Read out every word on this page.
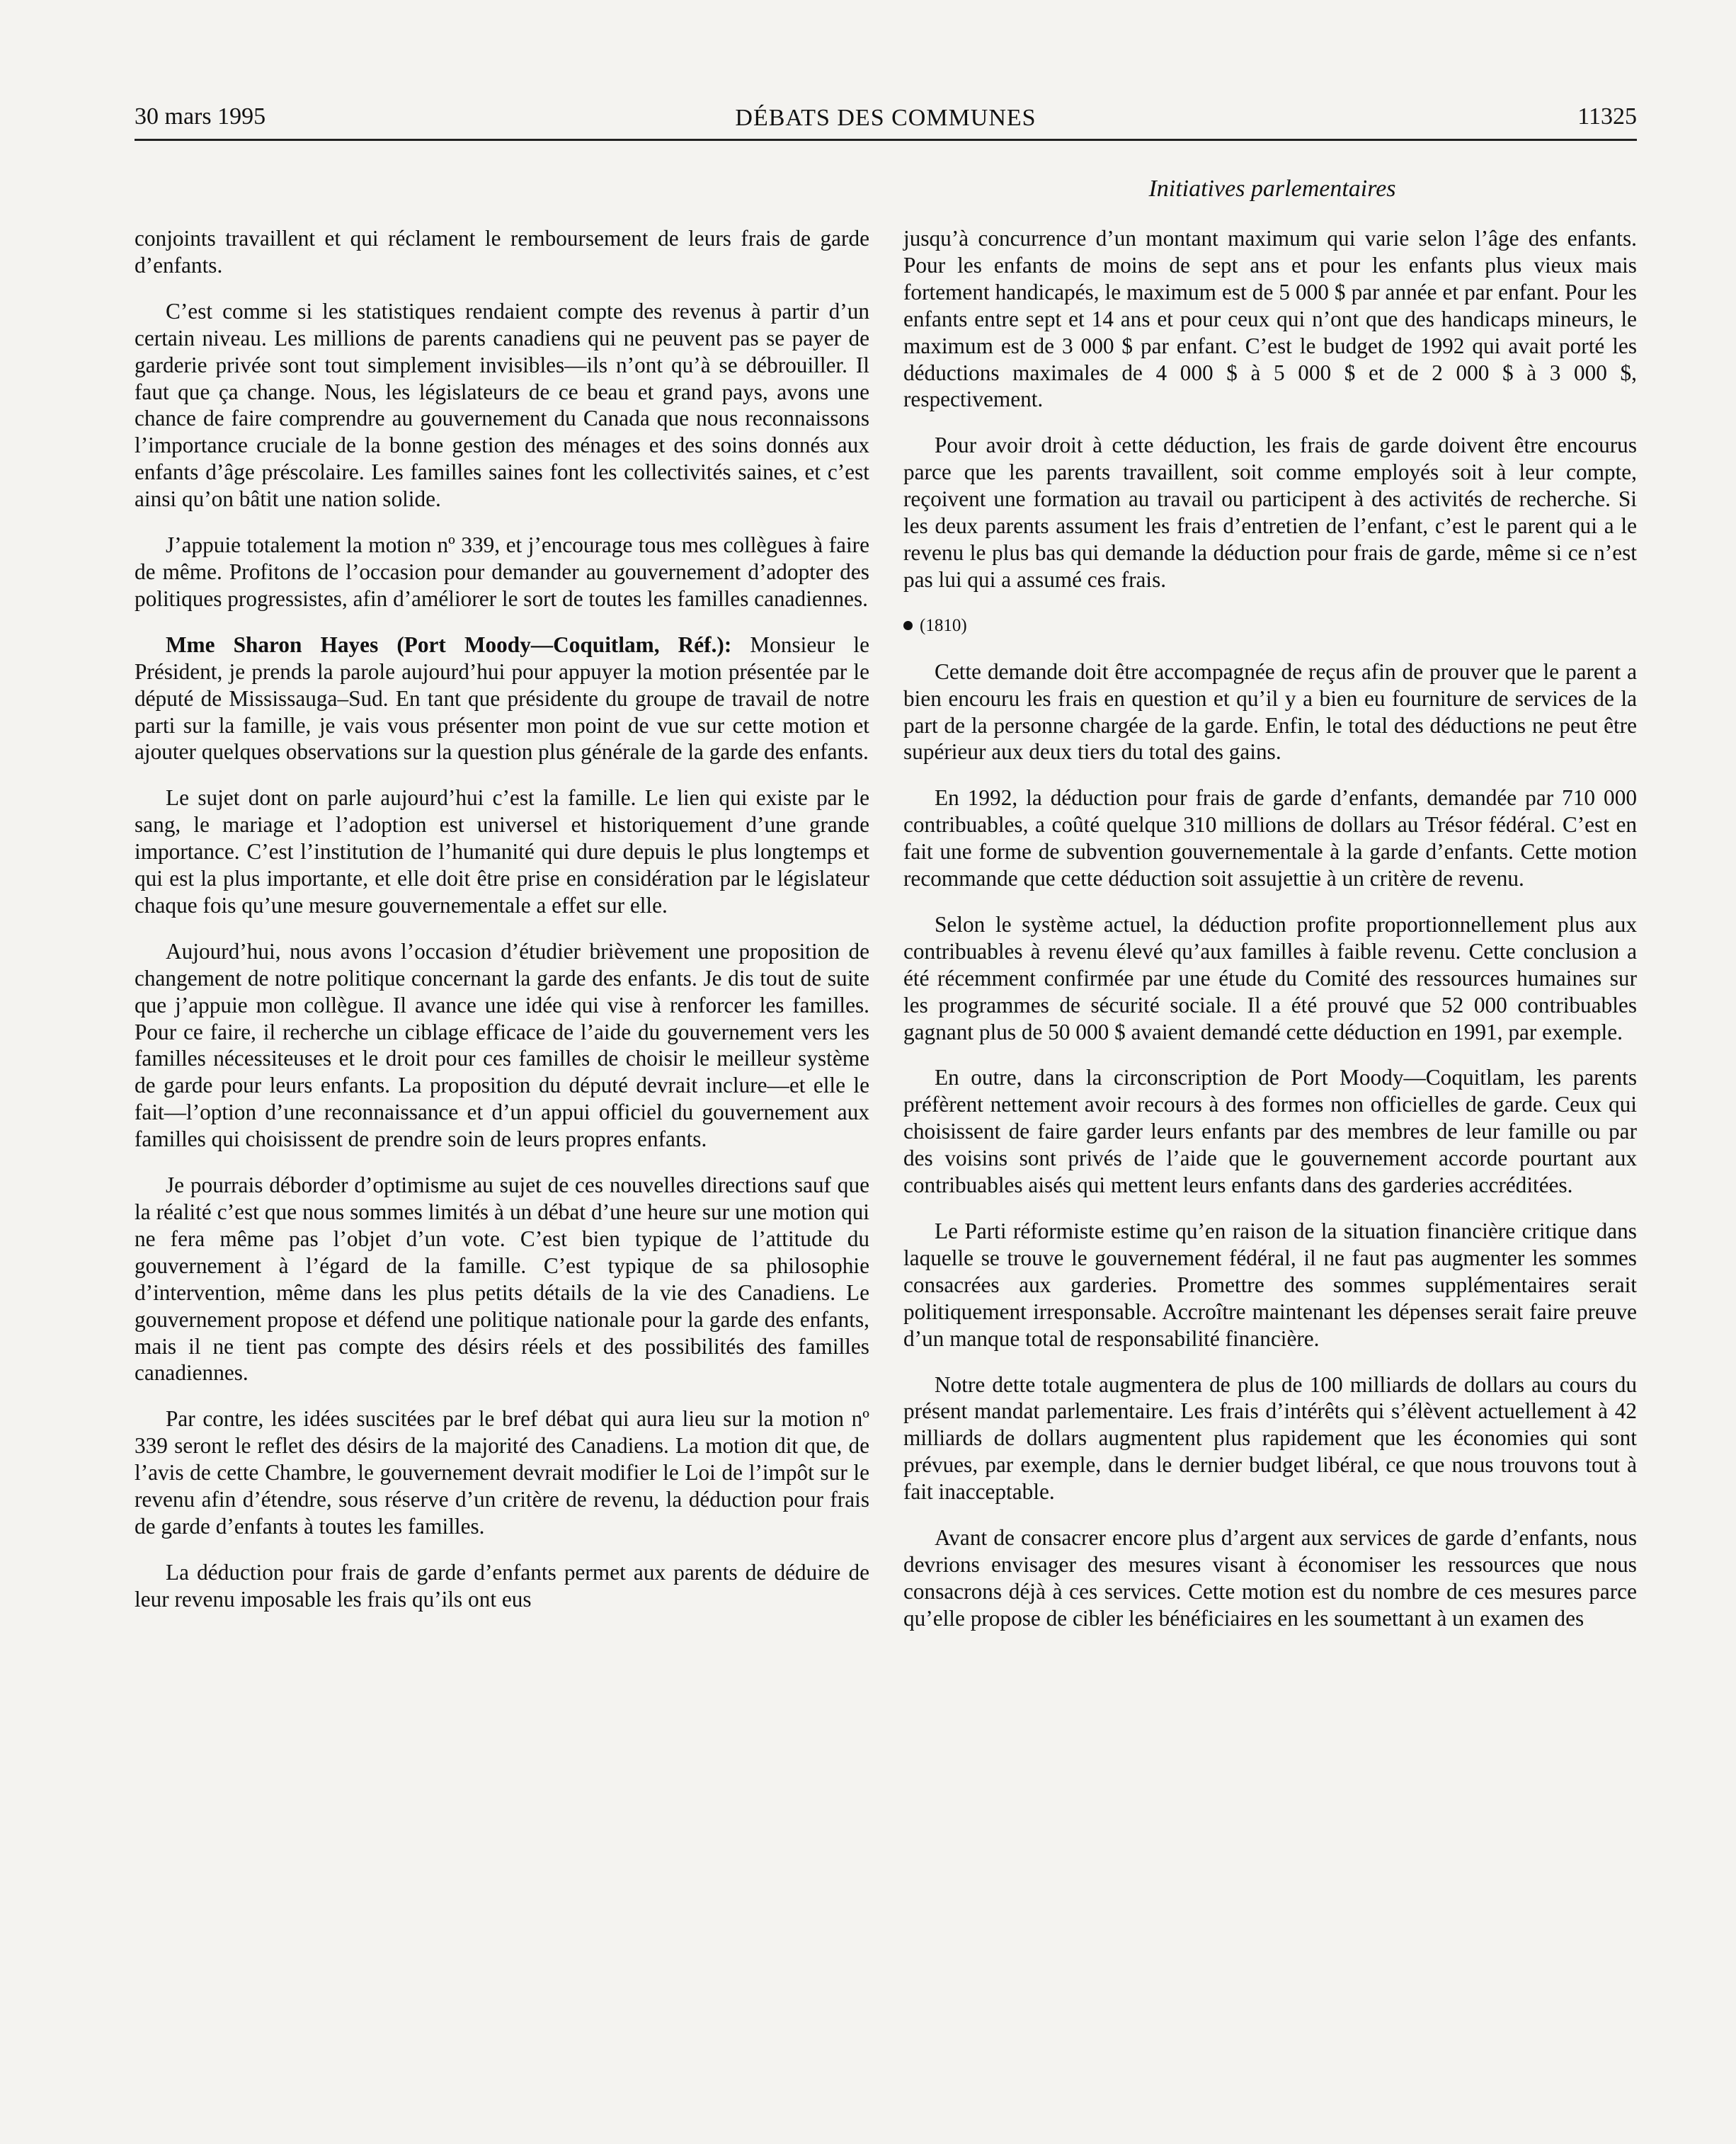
30 mars 1995	DÉBATS DES COMMUNES	11325
Initiatives parlementaires

conjoints travaillent et qui réclament le remboursement de leurs frais de garde d’enfants.

C’est comme si les statistiques rendaient compte des revenus à partir d’un certain niveau. Les millions de parents canadiens qui ne peuvent pas se payer de garderie privée sont tout simplement invisibles—ils n’ont qu’à se débrouiller. Il faut que ça change. Nous, les législateurs de ce beau et grand pays, avons une chance de faire comprendre au gouvernement du Canada que nous reconnaissons l’importance cruciale de la bonne gestion des ménages et des soins donnés aux enfants d’âge préscolaire. Les familles saines font les collectivités saines, et c’est ainsi qu’on bâtit une nation solide.

J’appuie totalement la motion nº 339, et j’encourage tous mes collègues à faire de même. Profitons de l’occasion pour demander au gouvernement d’adopter des politiques progressistes, afin d’améliorer le sort de toutes les familles canadiennes.

Mme Sharon Hayes (Port Moody—Coquitlam, Réf.): Monsieur le Président, je prends la parole aujourd’hui pour appuyer la motion présentée par le député de Mississauga–Sud. En tant que présidente du groupe de travail de notre parti sur la famille, je vais vous présenter mon point de vue sur cette motion et ajouter quelques observations sur la question plus générale de la garde des enfants.

Le sujet dont on parle aujourd’hui c’est la famille. Le lien qui existe par le sang, le mariage et l’adoption est universel et historiquement d’une grande importance. C’est l’institution de l’humanité qui dure depuis le plus longtemps et qui est la plus importante, et elle doit être prise en considération par le législateur chaque fois qu’une mesure gouvernementale a effet sur elle.

Aujourd’hui, nous avons l’occasion d’étudier brièvement une proposition de changement de notre politique concernant la garde des enfants. Je dis tout de suite que j’appuie mon collègue. Il avance une idée qui vise à renforcer les familles. Pour ce faire, il recherche un ciblage efficace de l’aide du gouvernement vers les familles nécessiteuses et le droit pour ces familles de choisir le meilleur système de garde pour leurs enfants. La proposition du député devrait inclure—et elle le fait—l’option d’une reconnaissance et d’un appui officiel du gouvernement aux familles qui choisissent de prendre soin de leurs propres enfants.

Je pourrais déborder d’optimisme au sujet de ces nouvelles directions sauf que la réalité c’est que nous sommes limités à un débat d’une heure sur une motion qui ne fera même pas l’objet d’un vote. C’est bien typique de l’attitude du gouvernement à l’égard de la famille. C’est typique de sa philosophie d’intervention, même dans les plus petits détails de la vie des Canadiens. Le gouvernement propose et défend une politique nationale pour la garde des enfants, mais il ne tient pas compte des désirs réels et des possibilités des familles canadiennes.

Par contre, les idées suscitées par le bref débat qui aura lieu sur la motion nº 339 seront le reflet des désirs de la majorité des Canadiens. La motion dit que, de l’avis de cette Chambre, le gouvernement devrait modifier le Loi de l’impôt sur le revenu afin d’étendre, sous réserve d’un critère de revenu, la déduction pour frais de garde d’enfants à toutes les familles.

La déduction pour frais de garde d’enfants permet aux parents de déduire de leur revenu imposable les frais qu’ils ont eus

jusqu’à concurrence d’un montant maximum qui varie selon l’âge des enfants. Pour les enfants de moins de sept ans et pour les enfants plus vieux mais fortement handicapés, le maximum est de 5 000 $ par année et par enfant. Pour les enfants entre sept et 14 ans et pour ceux qui n’ont que des handicaps mineurs, le maximum est de 3 000 $ par enfant. C’est le budget de 1992 qui avait porté les déductions maximales de 4 000 $ à 5 000 $ et de 2 000 $ à 3 000 $, respectivement.

Pour avoir droit à cette déduction, les frais de garde doivent être encourus parce que les parents travaillent, soit comme employés soit à leur compte, reçoivent une formation au travail ou participent à des activités de recherche. Si les deux parents assument les frais d’entretien de l’enfant, c’est le parent qui a le revenu le plus bas qui demande la déduction pour frais de garde, même si ce n’est pas lui qui a assumé ces frais.

(1810)

Cette demande doit être accompagnée de reçus afin de prouver que le parent a bien encouru les frais en question et qu’il y a bien eu fourniture de services de la part de la personne chargée de la garde. Enfin, le total des déductions ne peut être supérieur aux deux tiers du total des gains.

En 1992, la déduction pour frais de garde d’enfants, demandée par 710 000 contribuables, a coûté quelque 310 millions de dollars au Trésor fédéral. C’est en fait une forme de subvention gouvernementale à la garde d’enfants. Cette motion recommande que cette déduction soit assujettie à un critère de revenu.

Selon le système actuel, la déduction profite proportionnellement plus aux contribuables à revenu élevé qu’aux familles à faible revenu. Cette conclusion a été récemment confirmée par une étude du Comité des ressources humaines sur les programmes de sécurité sociale. Il a été prouvé que 52 000 contribuables gagnant plus de 50 000 $ avaient demandé cette déduction en 1991, par exemple.

En outre, dans la circonscription de Port Moody—Coquitlam, les parents préfèrent nettement avoir recours à des formes non officielles de garde. Ceux qui choisissent de faire garder leurs enfants par des membres de leur famille ou par des voisins sont privés de l’aide que le gouvernement accorde pourtant aux contribuables aisés qui mettent leurs enfants dans des garderies accréditées.

Le Parti réformiste estime qu’en raison de la situation financière critique dans laquelle se trouve le gouvernement fédéral, il ne faut pas augmenter les sommes consacrées aux garderies. Promettre des sommes supplémentaires serait politiquement irresponsable. Accroître maintenant les dépenses serait faire preuve d’un manque total de responsabilité financière.

Notre dette totale augmentera de plus de 100 milliards de dollars au cours du présent mandat parlementaire. Les frais d’intérêts qui s’élèvent actuellement à 42 milliards de dollars augmentent plus rapidement que les économies qui sont prévues, par exemple, dans le dernier budget libéral, ce que nous trouvons tout à fait inacceptable.

Avant de consacrer encore plus d’argent aux services de garde d’enfants, nous devrions envisager des mesures visant à économiser les ressources que nous consacrons déjà à ces services. Cette motion est du nombre de ces mesures parce qu’elle propose de cibler les bénéficiaires en les soumettant à un examen des
